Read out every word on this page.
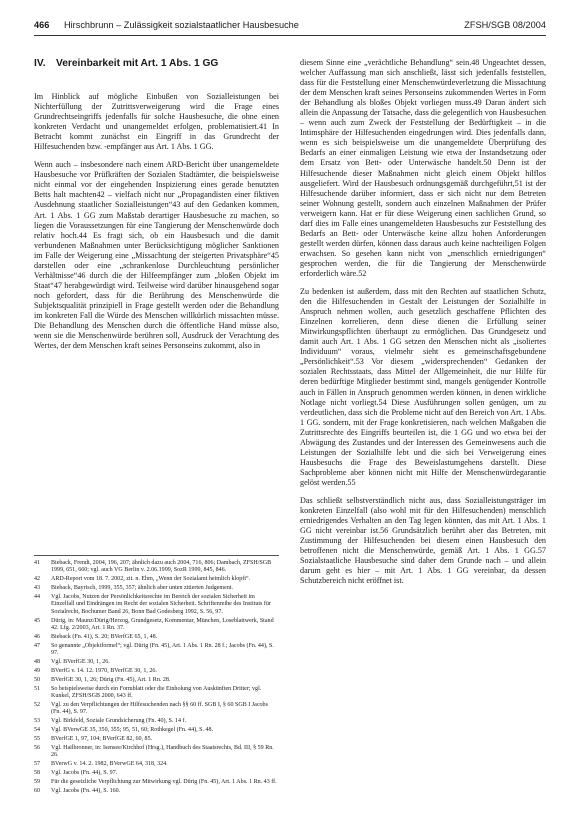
466 Hirschbrunn – Zulässigkeit sozialstaatlicher Hausbesuche	ZFSH/SGB 08/2004
IV. Vereinbarkeit mit Art. 1 Abs. 1 GG

Im Hinblick auf mögliche Einbußen von Sozialleistungen bei Nichterfüllung der Zutrittsverweigerung wird die Frage eines Grundrechtseingriffs jedenfalls für solche Hausbesuche, die ohne einen konkreten Verdacht und unangemeldet erfolgen, problematisiert.41 In Betracht kommt zunächst ein Eingriff in das Grundrecht der Hilfesuchenden bzw. -empfänger aus Art. 1 Abs. 1 GG.

Wenn auch – insbesondere nach einem ARD-Bericht über unangemeldete Hausbesuche vor Prüfkräften der Sozialen Stadtämter, die beispielsweise nicht einmal vor der eingehenden Inspizierung eines gerade benutzten Betts halt machten42 – vielfach nicht nur „Propagandisten einer fiktiven Ausdehnung staatlicher Sozialleistungen“43 auf den Gedanken kommen, Art. 1 Abs. 1 GG zum Maßstab derartiger Hausbesuche zu machen, so liegen die Voraussetzungen für eine Tangierung der Menschenwürde doch relativ hoch.44 Es fragt sich, ob ein Hausbesuch und die damit verbundenen Maßnahmen unter Berücksichtigung möglicher Sanktionen im Falle der Weigerung eine „Missachtung der steigerten Privatsphäre“45 darstellen oder eine „schrankenlose Durchleuchtung persönlicher Verhältnisse“46 durch die der Hilfeempfänger zum „bloßen Objekt im Staat“47 herabgewürdigt wird. Teilweise wird darüber hinausgehend sogar noch gefordert, dass für die Berührung des Menschenwürde die Subjektsqualität prinzipiell in Frage gestellt werden oder die Behandlung im konkreten Fall die Würde des Menschen willkürlich missachten müsse. Die Behandlung des Menschen durch die öffentliche Hand müsse also, wenn sie die Menschenwürde berühren soll, Ausdruck der Verachtung des Wertes, der dem Menschen kraft seines Personseins zukommt, also in

41	Bieback, Frendt, 2004, 196, 207; ähnlich dazu auch 2004, 716, 806; Dambach, ZFSH/SGB 1999, 651, 660; vgl. auch VG Berlin v. 2.06.1999, SozR 1999, 845, 846.
42	ARD-Report vom 18. 7. 2002, zit. n. Ehm, „Wenn der Sozialamt heimlich klopft“.
43	Bieback, Bayrisch, 1999, 355, 357; ähnlich aber unten zitierten Judgement.
44	Vgl. Jacobs, Nutzen der Persönlichkeitsrechte im Bereich der sozialen Sicherheit im Einzelfall und Eindrängen im Recht der sozialen Sicherheit. Schriftenreihe des Instituts für Sozialrecht, Bochumer Band 26, Bonn Bad Godesberg 1992, S. 56, 97.
45	Dürig, in: Maunz/Dürig/Herzog, Grundgesetz, Kommentar, München, Loseblattwerk, Stand 42. Lfg. 2/2003, Art. 1 Rn. 37.
46	Bieback (Fn. 41), S. 20; BVerfGE 65, 1, 48.
47	So genannte „Objektformel“; vgl. Dürig (Fn. 45), Art. 1 Abs. 1 Rn. 28 f.; Jacobs (Fn. 44), S. 97.
48	Vgl. BVerfGE 30, 1, 26.
49	BVerfG v. 14. 12. 1970, BVerfGE 30, 1, 26.
50	BVerfGE 30, 1, 26; Dürig (Fn. 45), Art. 1 Rn. 28.
51	So beispielsweise durch ein Formblatt oder die Einholung von Auskünften Dritter; vgl. Kunkel, ZFSH/SGB 2000, 643 ff.
52	Vgl. zu den Verpflichtungen der Hilfesuchenden nach §§ 60 ff. SGB I, § 60 SGB I Jacobs (Fn. 44), S. 97.
53	Vgl. Birkfeld, Soziale Grundsicherung (Fn. 40), S. 14 f.
54	Vgl. BVerwGE 35, 350, 355; 95, 51, 60; Rothkegel (Fn. 44), S. 48.
55	BVerfGE 1, 97, 104; BVerfGE 82, 60, 85.
56	Vgl. Hailbronner, in: Isensee/Kirchhof (Hrsg.), Handbuch des Staatsrechts, Bd. III, § 59 Rn. 26.
57	BVerwG v. 14. 2. 1982, BVerwGE 64, 318, 324.
58	Vgl. Jacobs (Fn. 44), S. 97.
59	Für die gesetzliche Verpflichtung zur Mitwirkung vgl. Dürig (Fn. 45), Art. 1 Abs. 1 Rn. 43 ff.
60	Vgl. Jacobs (Fn. 44), S. 160.

diesem Sinne eine „verächtliche Behandlung“ sein.48 Ungeachtet dessen, welcher Auffassung man sich anschließt, lässt sich jedenfalls feststellen, dass für die Feststellung einer Menschenwürdeverletzung die Missachtung der dem Menschen kraft seines Personseins zukommenden Wertes in Form der Behandlung als bloßes Objekt vorliegen muss.49 Daran ändert sich allein die Anpassung der Tatsache, dass die gelegentlich von Hausbesuchen – wenn auch zum Zweck der Feststellung der Bedürftigkeit – in die Intimsphäre der Hilfesuchenden eingedrungen wird. Dies jedenfalls dann, wenn es sich beispielsweise um die unangemeldete Überprüfung des Bedarfs an einer einmaligen Leistung wie etwa der Instandsetzung oder dem Ersatz von Bett- oder Unterwäsche handelt.50 Denn ist der Hilfesuchende dieser Maßnahmen nicht gleich einem Objekt hilflos ausgeliefert. Wird der Hausbesuch ordnungsgemäß durchgeführt,51 ist der Hilfesuchende darüber informiert, dass er sich nicht nur dem Betreten seiner Wohnung gestellt, sondern auch einzelnen Maßnahmen der Prüfer verweigern kann. Hat er für diese Weigerung einen sachlichen Grund, so darf dies im Falle eines unangemeldeten Hausbesuchs zur Feststellung des Bedarfs an Bett- oder Unterwäsche keine allzu hohen Anforderungen gestellt werden dürfen, können dass daraus auch keine nachteiligen Folgen erwachsen. So gesehen kann nicht von „menschlich erniedrigungen“ gesprochen werden, die für die Tangierung der Menschenwürde erforderlich wäre.52

Zu bedenken ist außerdem, dass mit den Rechten auf staatlichen Schutz, den die Hilfesuchenden in Gestalt der Leistungen der Sozialhilfe in Anspruch nehmen wollen, auch gesetzlich geschaffene Pflichten des Einzelnen korrelieren, denn diese dienen die Erfüllung seiner Mitwirkungspflichten überhaupt zu ermöglichen. Das Grundgesetz und damit auch Art. 1 Abs. 1 GG setzen den Menschen nicht als „isoliertes Individuum“ voraus, vielmehr sieht es gemeinschaftsgebundene „Persönlichkeit“.53 Vor diesem „widersprechenden“ Gedanken der sozialen Rechtsstaats, dass Mittel der Allgemeinheit, die nur Hilfe für deren bedürftige Mitglieder bestimmt sind, mangels genügender Kontrolle auch in Fällen in Anspruch genommen werden können, in denen wirkliche Notlage nicht vorliegt.54 Diese Ausführungen sollen genügen, um zu verdeutlichen, dass sich die Probleme nicht auf den Bereich von Art. 1 Abs. 1 GG. sondern, mit der Frage konkretisieren, nach welchen Maßgaben die Zutrittsrechte des Eingriffs beurteilen ist, die 1 GG und wo etwa bei der Abwägung des Zustandes und der Interessen des Gemeinwesens auch die Leistungen der Sozialhilfe lebt und die sich bei Verweigerung eines Hausbesuchs die Frage des Beweislastumgehens darstellt. Diese Sachprobleme aber können nicht mit Hilfe der Menschenwürdegarantie gelöst werden.55

Das schließt selbstverständlich nicht aus, dass Sozialleistungsträger im konkreten Einzelfall (also wohl mit für den Hilfesuchenden) menschlich erniedrigendes Verhalten an den Tag legen könnten, das mit Art. 1 Abs. 1 GG nicht vereinbar ist.56 Grundsätzlich berührt aber das Betreten, mit Zustimmung der Hilfesuchenden bei diesem einen Hausbesuch den betroffenen nicht die Menschenwürde, gemäß Art. 1 Abs. 1 GG.57 Sozialstaatliche Hausbesuche sind daher dem Grunde nach – und allein darum geht es hier – mit Art. 1 Abs. 1 GG vereinbar, da dessen Schutzbereich nicht eröffnet ist.
